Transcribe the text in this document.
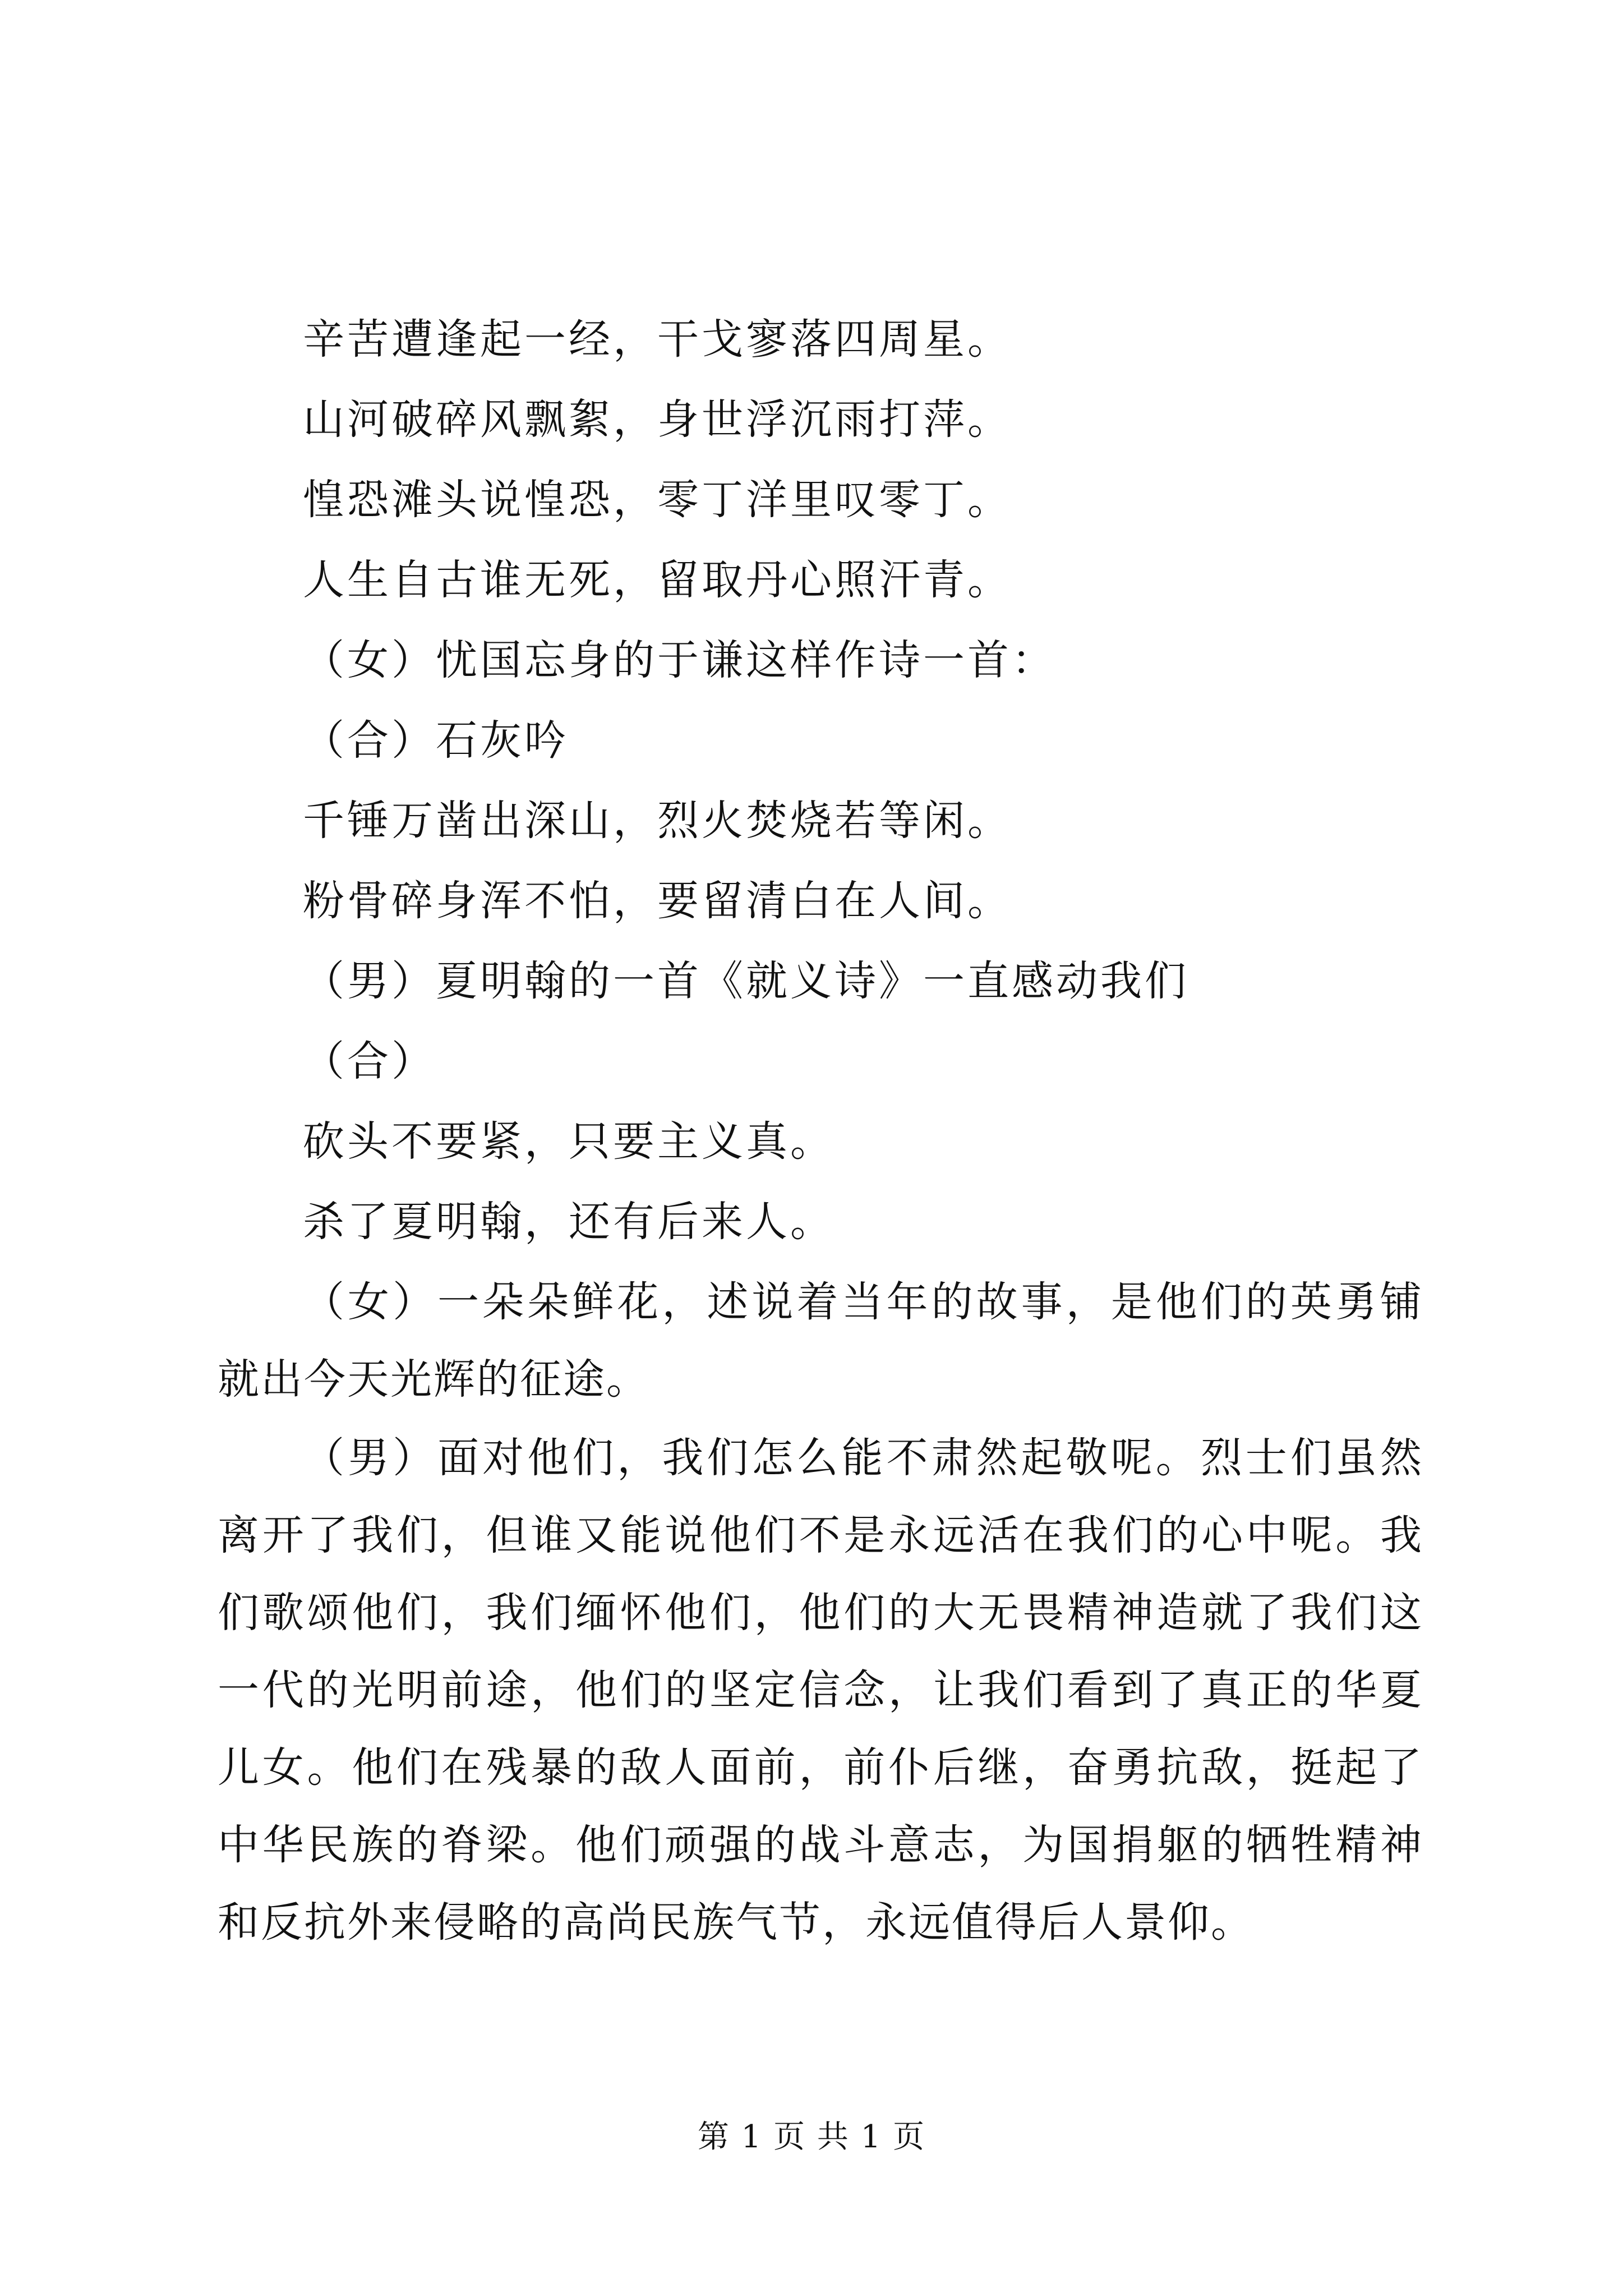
辛苦遭逢起一经，干戈寥落四周星。
山河破碎风飘絮，身世浮沉雨打萍。
惶恐滩头说惶恐，零丁洋里叹零丁。
人生自古谁无死，留取丹心照汗青。
（女）忧国忘身的于谦这样作诗一首：
（合）石灰吟
千锤万凿出深山，烈火焚烧若等闲。
粉骨碎身浑不怕，要留清白在人间。
（男）夏明翰的一首《就义诗》一直感动我们
（合）
砍头不要紧，只要主义真。
杀了夏明翰，还有后来人。
（女）一朵朵鲜花，述说着当年的故事，是他们的英勇铺就出今天光辉的征途。
（男）面对他们，我们怎么能不肃然起敬呢。烈士们虽然离开了我们，但谁又能说他们不是永远活在我们的心中呢。我们歌颂他们，我们缅怀他们，他们的大无畏精神造就了我们这一代的光明前途，他们的坚定信念，让我们看到了真正的华夏儿女。他们在残暴的敌人面前，前仆后继，奋勇抗敌，挺起了中华民族的脊梁。他们顽强的战斗意志，为国捐躯的牺牲精神和反抗外来侵略的高尚民族气节，永远值得后人景仰。
第 1 页 共 1 页
